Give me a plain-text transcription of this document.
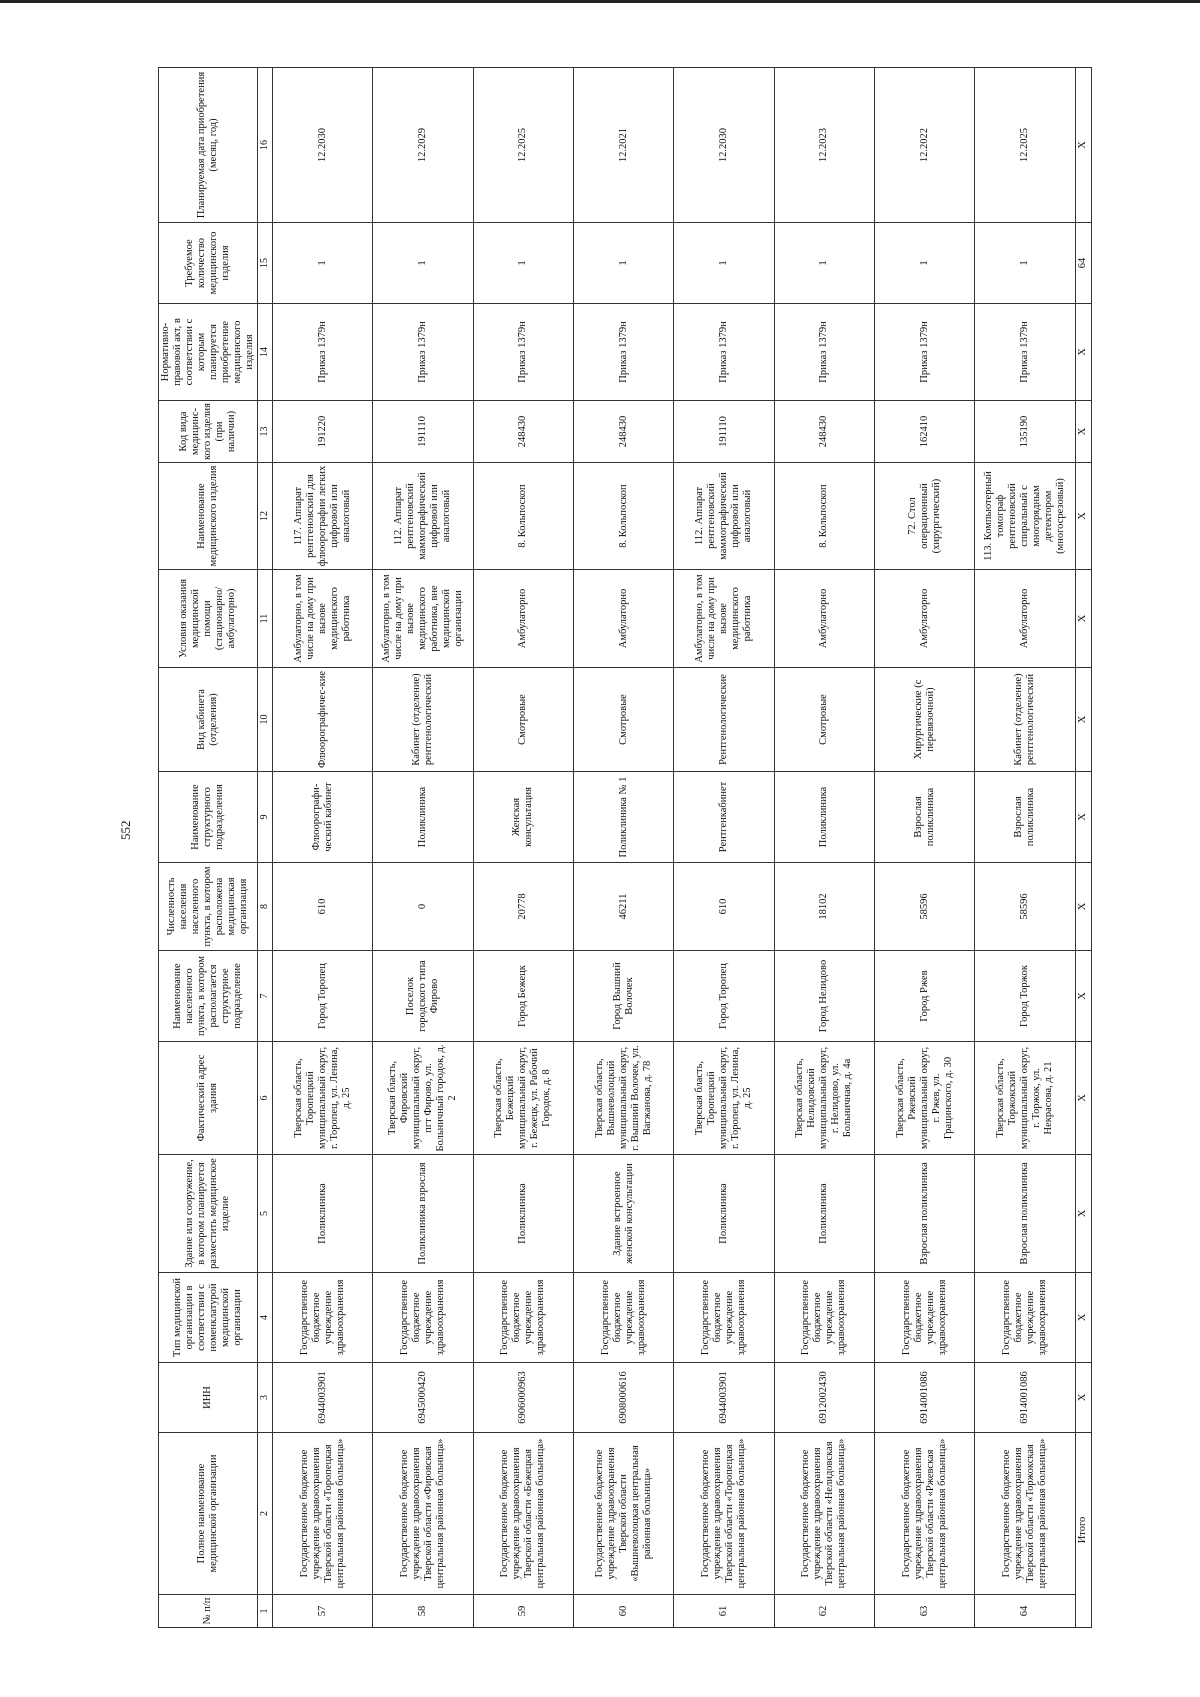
552
№ п/п	Полное наименование медицинской организации	ИНН	Тип медицинской организации в соответствии с номенклатурой медицинской организации	Здание или сооружение, в котором планируется разместить медицинское изделие	Фактический адрес здания	Наименование населенного пункта, в котором располагается структурное подразделение	Численность населения населенного пункта, в котором расположена медицинская организация	Наименование структурного подразделения	Вид кабинета (отделения)	Условия оказания медицинской помощи (стационарно/ амбулаторно)	Наименование медицинского изделия	Код вида медицинс-кого изделия (при наличии)	Нормативно-правовой акт, в соответствии с которым планируется приобретение медицинского изделия	Требуемое количество медицинского изделия	Планируемая дата приобретения (месяц, год)
1	2	3	4	5	6	7	8	9	10	11	12	13	14	15	16
57	Государственное бюджетное учреждение здравоохранения Тверской области «Торопецкая центральная районная больница»	6944003901	Государственное бюджетное учреждение здравоохранения	Поликлиника	Тверская область, Торопецкий муниципальный округ, г. Торопец, ул. Ленина, д. 25	Город Торопец	610	Флюорографи-ческий кабинет	Флюорографичес-кие	Амбулаторно, в том числе на дому при вызове медицинского работника	117. Аппарат рентгеновский для флюорографии легких цифровой или аналоговый	191220	Приказ 1379н	1	12.2030
58	Государственное бюджетное учреждение здравоохранения Тверской области «Фировская центральная районная больница»	6945000420	Государственное бюджетное учреждение здравоохранения	Поликлиника взрослая	Тверская бласть, Фировский муниципальный округ, пгт Фирово, ул. Больничный городок, д. 2	Поселок городского типа Фирово	0	Поликлиника	Кабинет (отделение) рентгенологический	Амбулаторно, в том числе на дому при вызове медицинского работника, вне медицинской организации	112. Аппарат рентгеновский маммографический цифровой или аналоговый	191110	Приказ 1379н	1	12.2029
59	Государственное бюджетное учреждение здравоохранения Тверской области «Бежецкая центральная районная больница»	6906000963	Государственное бюджетное учреждение здравоохранения	Поликлиника	Тверская область, Бежецкий муниципальный округ, г. Бежецк, ул. Рабочий Городок, д. 8	Город Бежецк	20778	Женская консультация	Смотровые	Амбулаторно	8. Кольпоскоп	248430	Приказ 1379н	1	12.2025
60	Государственное бюджетное учреждение здравоохранения Тверской области «Вышневолоцкая центральная районная больница»	6908000616	Государственное бюджетное учреждение здравоохранения	Здание встроенное женской консультации	Тверская область, Вышневолоцкий муниципальный округ, г. Вышний Волочек, ул. Вагжанова, д. 78	Город Вышний Волочек	46211	Поликлиника № 1	Смотровые	Амбулаторно	8. Кольпоскоп	248430	Приказ 1379н	1	12.2021
61	Государственное бюджетное учреждение здравоохранения Тверской области «Торопецкая центральная районная больница»	6944003901	Государственное бюджетное учреждение здравоохранения	Поликлиника	Тверская бласть, Торопецкий муниципальный округ, г. Торопец, ул. Ленина, д. 25	Город Торопец	610	Рентгенкабинет	Рентгенологические	Амбулаторно, в том числе на дому при вызове медицинского работника	112. Аппарат рентгеновский маммографический цифровой или аналоговый	191110	Приказ 1379н	1	12.2030
62	Государственное бюджетное учреждение здравоохранения Тверской области «Нелидовская центральная районная больница»	6912002430	Государственное бюджетное учреждение здравоохранения	Поликлиника	Тверская область, Нелидовский муниципальный округ, г. Нелидово, ул. Больничная, д. 4а	Город Нелидово	18102	Поликлиника	Смотровые	Амбулаторно	8. Кольпоскоп	248430	Приказ 1379н	1	12.2023
63	Государственное бюджетное учреждение здравоохранения Тверской области «Ржевская центральная районная больница»	6914001086	Государственное бюджетное учреждение здравоохранения	Взрослая поликлиника	Тверская область, Ржевский муниципальный округ, г. Ржев, ул. Грацинского, д. 30	Город Ржев	58596	Взрослая поликлиника	Хирургические (с перевязочной)	Амбулаторно	72. Стол операционный (хирургический)	162410	Приказ 1379н	1	12.2022
64	Государственное бюджетное учреждение здравоохранения Тверской области «Торжокская центральная районная больница»	6914001086	Государственное бюджетное учреждение здравоохранения	Взрослая поликлиника	Тверская область, Торжокский муниципальный округ, г. Торжок, ул. Некрасова, д. 21	Город Торжок	58596	Взрослая поликлиника	Кабинет (отделение) рентгенологический	Амбулаторно	113. Компьютерный томограф рентгеновский спиральный с многорядным детектором (многосрезовый)	135190	Приказ 1379н	1	12.2025
Итого		X	X	X	X	X	X	X	X	X	X	X	X	64	X
